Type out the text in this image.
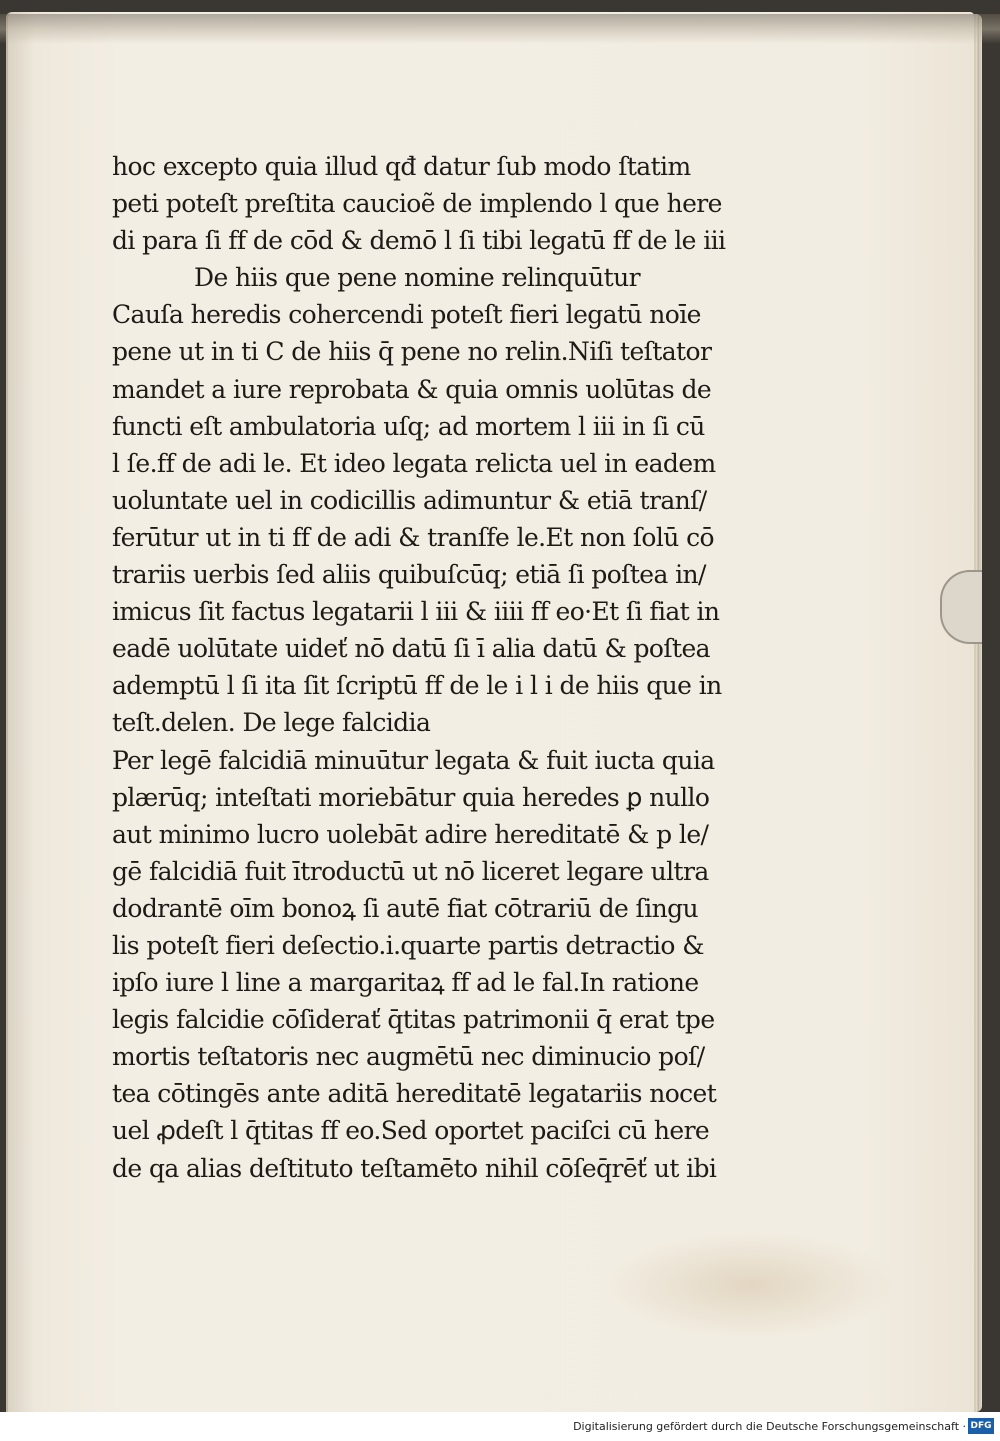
hoc excepto quia illud qđ datur ſub modo ſtatim
peti poteſt preſtita caucioẽ de implendo l que here
di para ſi ff de cōd & demō l ſi tibi legatū ff de le iii
De hiis que pene nomine relinquūtur
Cauſa heredis cohercendi poteſt fieri legatū noīe
pene ut in ti C de hiis q̄ pene no relin.Niſi teſtator
mandet a iure reprobata & quia omnis uolūtas de
functi eſt ambulatoria uſq; ad mortem l iii in ſi cū
l ſe.ff de adi le. Et ideo legata relicta uel in eadem
uoluntate uel in codicillis adimuntur & etiā tranſ/
ferūtur ut in ti ff de adi & tranſfe le.Et non ſolū cō
trariis uerbis ſed aliis quibuſcūq; etiā ſi poſtea in/
imicus ſit factus legatarii l iii & iiii ff eo·Et ſi fiat in
eadē uolūtate uideť nō datū ſi ī alia datū & poſtea
ademptū l ſi ita ſit ſcriptū ff de le i l i de hiis que in
teſt.delen. De lege falcidia
Per legē falcidiā minuūtur legata & fuit iucta quia
plærūq; inteſtati moriebātur quia heredes ꝑ nullo
aut minimo lucro uolebāt adire hereditatē & p le/
gē falcidiā fuit ītroductū ut nō liceret legare ultra
dodrantē oīm bonoꝝ ſi autē fiat cōtrariū de ſingu
lis poteſt fieri deſectio.i.quarte partis detractio &
ipſo iure l line a margaritaꝝ ff ad le fal.In ratione
legis falcidie cōſiderať q̄titas patrimonii q̄ erat tpe
mortis teſtatoris nec augmētū nec diminucio poſ/
tea cōtingēs ante aditā hereditatē legatariis nocet
uel ꝓdeſt l q̄titas ff eo.Sed oportet paciſci cū here
de qa alias deſtituto teſtamēto nihil cōſeq̄rēť ut ibi
Digitalisierung gefördert durch die Deutsche Forschungsgemeinschaft · DFG
